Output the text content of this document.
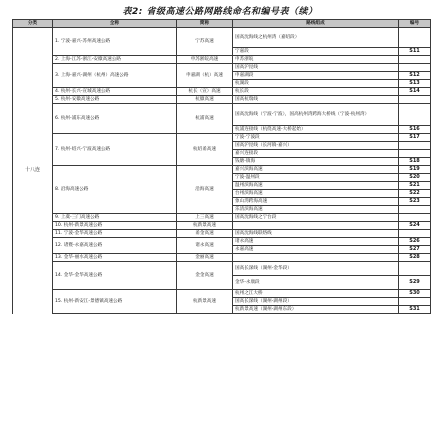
表2: 省级高速公路网路线命名和编号表（续）
分类	全称	简称	路线组成	编号
十八连	1. 宁波-嘉兴-苏州高速公路	宁苏高速	国高沈海线之杭州湾（嘉绍段）	
			宁嘉段	S11
	2. 上海-江苏-浙江-安徽高速公路	申苏浙皖高速	申苏浙皖	
	3. 上海-嘉兴-湖州（杭州）高速公路	申嘉湖（杭）高速	国高沪昆线	
			申嘉湖段	S12
			杭湖段	S13
	4. 杭州-长兴-宣城高速公路	杭长（宣）高速	杭长段	S14
	5. 杭州-安徽高速公路	杭徽高速	国高杭瑞线	
	6. 杭州-浦东高速公路	杭浦高速	国高沈海线（宁波-宁波），国高杭州湾跨海大桥线（宁波-杭州湾）	
			杭浦连接线（杭绕高速-大桥起始）	S16
	7. 杭州-绍兴-宁波高速公路	杭绍甬高速	宁波-宁波段	S17
			国高沪昆线（长河镇-嘉兴）	
			嘉兴连接段	
			钱塘-镇海	S18
	8. 沿海高速公路	沿海高速	嘉兴滨海高速	S19
			宁波-温州段	S20
			温州滨海高速	S21
			台州滨海高速	S22
			象山湾跨海高速	S23
			乐清滨海高速	
	9. 上虞-三门高速公路	上三高速	国高沈海线之宁台段	
	10. 杭州-新景高速公路	杭新景高速		S24
	11. 宁波-金华高速公路	甬金高速	国高沈海线联络线	
	12. 诸暨-永嘉高速公路	诸永高速	诸永高速	S26
			永嘉高速	S27
	13. 金华-丽水高速公路	金丽高速		S28
	14. 金华-金华高速公路	金金高速	国高长深线（湖州-金华段）	
			金华-永康段	S29
	15. 杭州-新安江-景德镇高速公路	杭新景高速	杭州之江大桥	S30
			国高长深线（湖州-湖州段）	
			杭新景高速（湖州-湖州东段）	S31
